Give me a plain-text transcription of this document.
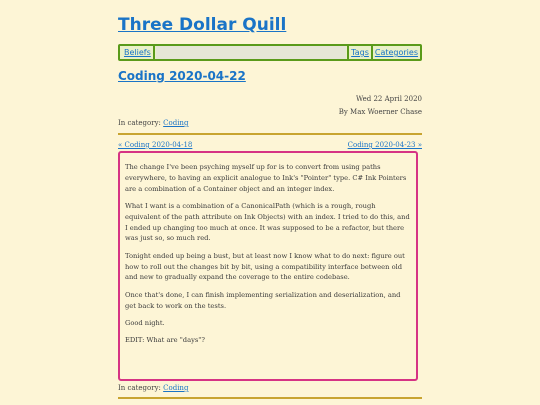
Three Dollar Quill
Beliefs	Tags Categories
Coding 2020-04-22
Wed 22 April 2020
By Max Woerner Chase
In category: Coding
« Coding 2020-04-18	Coding 2020-04-23 »

The change I've been psyching myself up for is to convert from using paths everywhere, to having an explicit analogue to Ink's "Pointer" type. C# Ink Pointers are a combination of a Container object and an integer index.

What I want is a combination of a CanonicalPath (which is a rough, rough equivalent of the path attribute on Ink Objects) with an index. I tried to do this, and I ended up changing too much at once. It was supposed to be a refactor, but there was just so, so much red.

Tonight ended up being a bust, but at least now I know what to do next: figure out how to roll out the changes bit by bit, using a compatibility interface between old and new to gradually expand the coverage to the entire codebase.

Once that's done, I can finish implementing serialization and deserialization, and get back to work on the tests.

Good night.

EDIT: What are "days"?

In category: Coding
